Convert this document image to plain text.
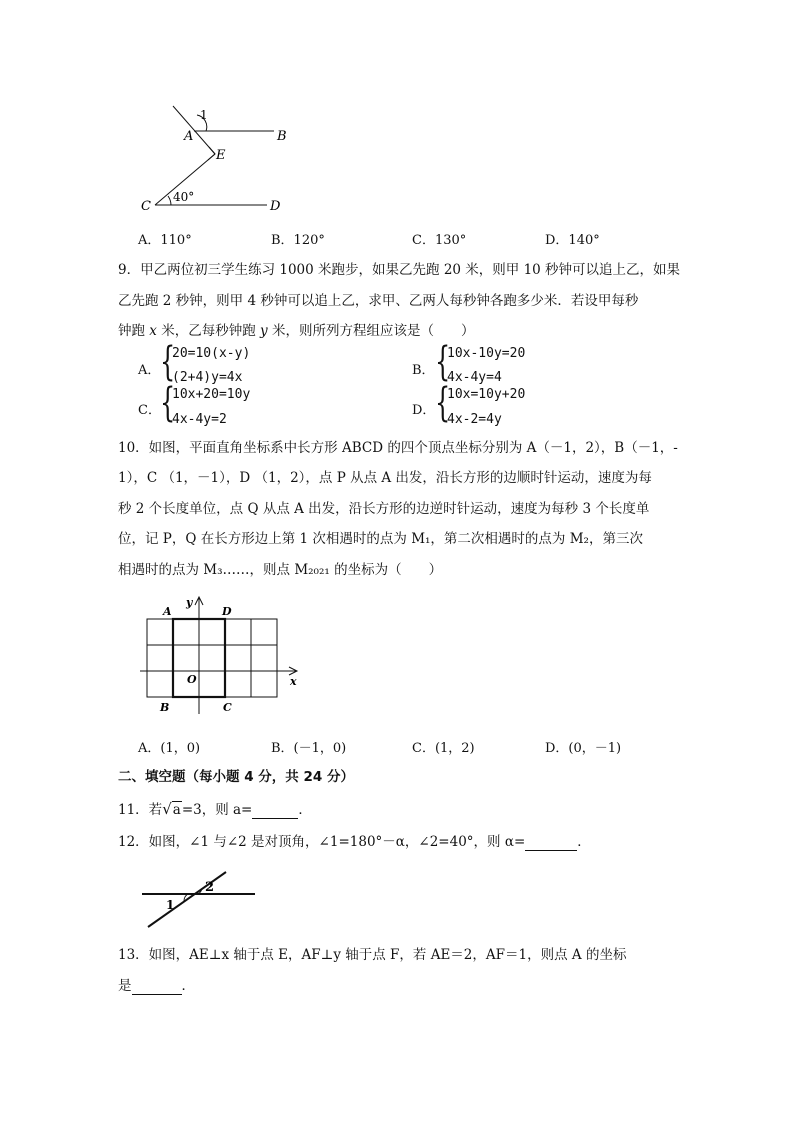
1
A	B
E
C	D
40°
A．110°	B．120°	C．130°	D．140°
9．甲乙两位初三学生练习 1000 米跑步，如果乙先跑 20 米，则甲 10 秒钟可以追上乙，如果
乙先跑 2 秒钟，则甲 4 秒钟可以追上乙，求甲、乙两人每秒钟各跑多少米．若设甲每秒
钟跑 x 米，乙每秒钟跑 y 米，则所列方程组应该是（　　）
A． {
20=10(x-y)
(2+4)y=4x	B． {
10x-10y=20
4x-4y=4
C． {
10x+20=10y
4x-4y=2
D． {
10x=10y+20
4x-2=4y
10．如图，平面直角坐标系中长方形 ABCD 的四个顶点坐标分别为 A（－1，2），B（－1，-
1），C （1，－1），D （1，2），点 P 从点 A 出发，沿长方形的边顺时针运动，速度为每
秒 2 个长度单位，点 Q 从点 A 出发，沿长方形的边逆时针运动，速度为每秒 3 个长度单
位，记 P，Q 在长方形边上第 1 次相遇时的点为 M₁，第二次相遇时的点为 M₂，第三次
相遇时的点为 M₃……，则点 M₂₀₂₁ 的坐标为（　　）
y
x
A	D
O
B	C
A．(1，0)	B．(－1，0)	C．(1，2)	D．(0，－1)
二、填空题（每小题 4 分，共 24 分）
11．若√a=3，则 a=	．
12．如图，∠1 与∠2 是对顶角，∠1=180°－α，∠2=40°，则 α=	．
1
2
13．如图，AE⊥x 轴于点 E，AF⊥y 轴于点 F，若 AE＝2，AF＝1，则点 A 的坐标
是	．
